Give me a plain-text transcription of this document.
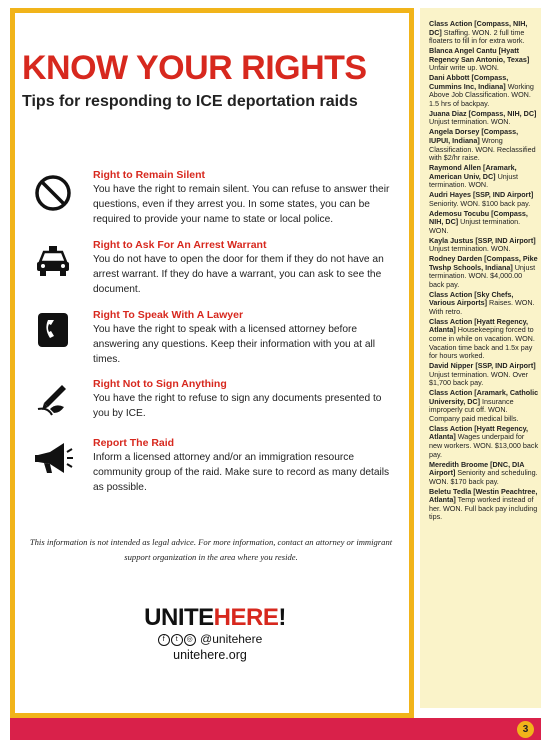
KNOW YOUR RIGHTS
Tips for responding to ICE deportation raids
Right to Remain Silent

You have the right to remain silent. You can refuse to answer their questions, even if they arrest you. In some states, you can be required to provide your name to state or local police.

Right to Ask For An Arrest Warrant

You do not have to open the door for them if they do not have an arrest warrant. If they do have a warrant, you can ask to see the document.

Right To Speak With A Lawyer

You have the right to speak with a licensed attorney before answering any questions. Keep their information with you at all times.

Right Not to Sign Anything

You have the right to refuse to sign any documents presented to you by ICE.

Report The Raid

Inform a licensed attorney and/or an immigration resource community group of the raid. Make sure to record as many details as possible.

This information is not intended as legal advice. For more information, contact an attorney or immigrant support organization in the area where you reside.
UNITEHERE!
f t ◎ @unitehere
unitehere.org
Class Action [Compass, NIH, DC] Staffing. WON. 2 full time floaters to fill in for extra work.
Blanca Angel Cantu [Hyatt Regency San Antonio, Texas] Unfair write up. WON.
Dani Abbott [Compass, Cummins Inc, Indiana] Working Above Job Classification. WON. 1.5 hrs of backpay.
Juana Diaz [Compass, NIH, DC] Unjust termination. WON.
Angela Dorsey [Compass, IUPUI, Indiana] Wrong Classification. WON. Reclassified with $2/hr raise.
Raymond Allen [Aramark, American Univ, DC] Unjust termination. WON.
Audri Hayes [SSP, IND Airport] Seniority. WON. $100 back pay.
Ademosu Tocubu [Compass, NIH, DC] Unjust termination. WON.
Kayla Justus [SSP, IND Airport] Unjust termination. WON.
Rodney Darden [Compass, Pike Twshp Schools, Indiana] Unjust termination. WON. $4,000.00 back pay.
Class Action [Sky Chefs, Various Airports] Raises. WON. With retro.
Class Action [Hyatt Regency, Atlanta] Housekeeping forced to come in while on vacation. WON. Vacation time back and 1.5x pay for hours worked.
David Nipper [SSP, IND Airport] Unjust termination. WON. Over $1,700 back pay.
Class Action [Aramark, Catholic University, DC] Insurance improperly cut off. WON. Company paid medical bills.
Class Action [Hyatt Regency, Atlanta] Wages underpaid for new workers. WON. $13,000 back pay.
Meredith Broome [DNC, DIA Airport] Seniority and scheduling. WON. $170 back pay.
Beletu Tedla [Westin Peachtree, Atlanta] Temp worked instead of her. WON. Full back pay including tips.
3
